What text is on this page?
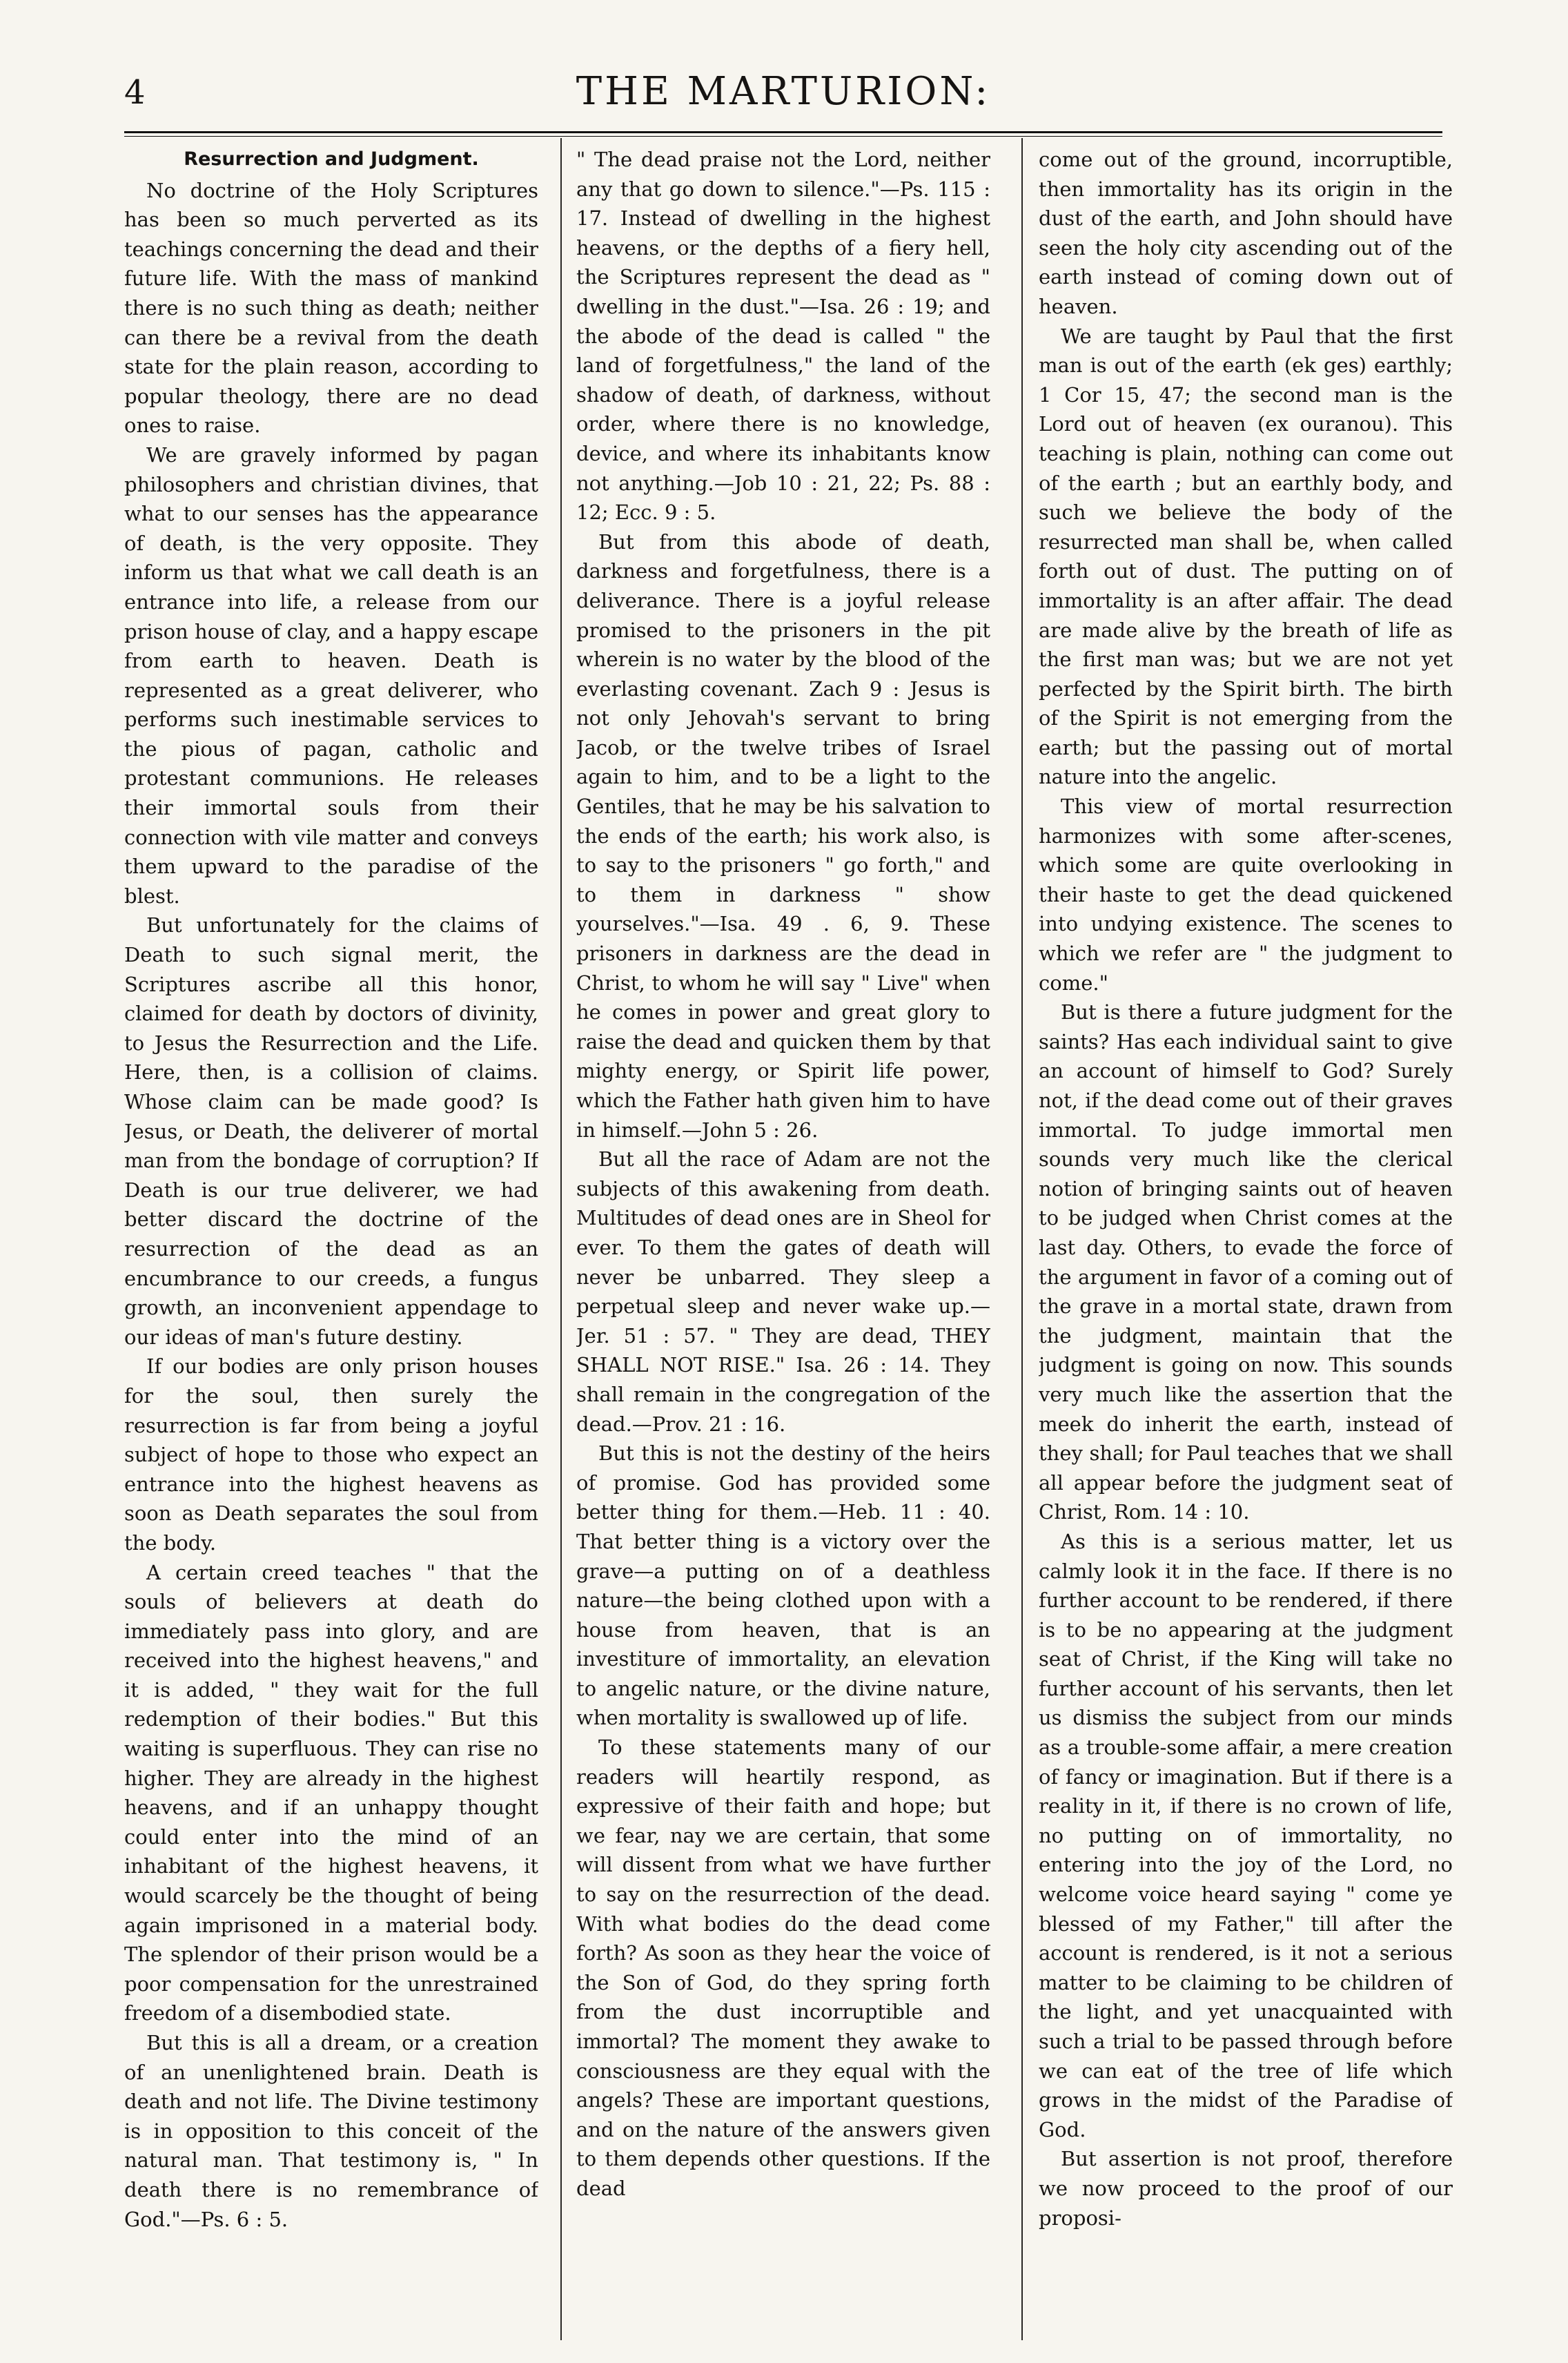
4	THE MARTURION:
Resurrection and Judgment.

No doctrine of the Holy Scriptures has been so much perverted as its teachings concerning the dead and their future life. With the mass of mankind there is no such thing as death; neither can there be a revival from the death state for the plain reason, according to popular theology, there are no dead ones to raise.

We are gravely informed by pagan philosophers and christian divines, that what to our senses has the appearance of death, is the very opposite. They inform us that what we call death is an entrance into life, a release from our prison house of clay, and a happy escape from earth to heaven. Death is represented as a great deliverer, who performs such inestimable services to the pious of pagan, catholic and protestant communions. He releases their immortal souls from their connection with vile matter and conveys them upward to the paradise of the blest.

But unfortunately for the claims of Death to such signal merit, the Scriptures ascribe all this honor, claimed for death by doctors of divinity, to Jesus the Resurrection and the Life. Here, then, is a collision of claims. Whose claim can be made good? Is Jesus, or Death, the deliverer of mortal man from the bondage of corruption? If Death is our true deliverer, we had better discard the doctrine of the resurrection of the dead as an encumbrance to our creeds, a fungus growth, an inconvenient appendage to our ideas of man's future destiny.

If our bodies are only prison houses for the soul, then surely the resurrection is far from being a joyful subject of hope to those who expect an entrance into the highest heavens as soon as Death separates the soul from the body.

A certain creed teaches " that the souls of believers at death do immediately pass into glory, and are received into the highest heavens," and it is added, " they wait for the full redemption of their bodies." But this waiting is superfluous. They can rise no higher. They are already in the highest heavens, and if an unhappy thought could enter into the mind of an inhabitant of the highest heavens, it would scarcely be the thought of being again imprisoned in a material body. The splendor of their prison would be a poor compensation for the unrestrained freedom of a disembodied state.

But this is all a dream, or a creation of an unenlightened brain. Death is death and not life. The Divine testimony is in opposition to this conceit of the natural man. That testimony is, " In death there is no remembrance of God."—Ps. 6 : 5.

" The dead praise not the Lord, neither any that go down to silence."—Ps. 115 : 17. Instead of dwelling in the highest heavens, or the depths of a fiery hell, the Scriptures represent the dead as " dwelling in the dust."—Isa. 26 : 19; and the abode of the dead is called " the land of forgetfulness," the land of the shadow of death, of darkness, without order, where there is no knowledge, device, and where its inhabitants know not anything.—Job 10 : 21, 22; Ps. 88 : 12; Ecc. 9 : 5.

But from this abode of death, darkness and forgetfulness, there is a deliverance. There is a joyful release promised to the prisoners in the pit wherein is no water by the blood of the everlasting covenant. Zach 9 : Jesus is not only Jehovah's servant to bring Jacob, or the twelve tribes of Israel again to him, and to be a light to the Gentiles, that he may be his salvation to the ends of the earth; his work also, is to say to the prisoners " go forth," and to them in darkness " show yourselves."—Isa. 49 . 6, 9. These prisoners in darkness are the dead in Christ, to whom he will say " Live" when he comes in power and great glory to raise the dead and quicken them by that mighty energy, or Spirit life power, which the Father hath given him to have in himself.—John 5 : 26.

But all the race of Adam are not the subjects of this awakening from death. Multitudes of dead ones are in Sheol for ever. To them the gates of death will never be unbarred. They sleep a perpetual sleep and never wake up.—Jer. 51 : 57. " They are dead, THEY SHALL NOT RISE." Isa. 26 : 14. They shall remain in the congregation of the dead.—Prov. 21 : 16.

But this is not the destiny of the heirs of promise. God has provided some better thing for them.—Heb. 11 : 40. That better thing is a victory over the grave—a putting on of a deathless nature—the being clothed upon with a house from heaven, that is an investiture of immortality, an elevation to angelic nature, or the divine nature, when mortality is swallowed up of life.

To these statements many of our readers will heartily respond, as expressive of their faith and hope; but we fear, nay we are certain, that some will dissent from what we have further to say on the resurrection of the dead. With what bodies do the dead come forth? As soon as they hear the voice of the Son of God, do they spring forth from the dust incorruptible and immortal? The moment they awake to consciousness are they equal with the angels? These are important questions, and on the nature of the answers given to them depends other questions. If the dead

come out of the ground, incorruptible, then immortality has its origin in the dust of the earth, and John should have seen the holy city ascending out of the earth instead of coming down out of heaven.

We are taught by Paul that the first man is out of the earth (ek ges) earthly; 1 Cor 15, 47; the second man is the Lord out of heaven (ex ouranou). This teaching is plain, nothing can come out of the earth ; but an earthly body, and such we believe the body of the resurrected man shall be, when called forth out of dust. The putting on of immortality is an after affair. The dead are made alive by the breath of life as the first man was; but we are not yet perfected by the Spirit birth. The birth of the Spirit is not emerging from the earth; but the passing out of mortal nature into the angelic.

This view of mortal resurrection harmonizes with some after-scenes, which some are quite overlooking in their haste to get the dead quickened into undying existence. The scenes to which we refer are " the judgment to come."

But is there a future judgment for the saints? Has each individual saint to give an account of himself to God? Surely not, if the dead come out of their graves immortal. To judge immortal men sounds very much like the clerical notion of bringing saints out of heaven to be judged when Christ comes at the last day. Others, to evade the force of the argument in favor of a coming out of the grave in a mortal state, drawn from the judgment, maintain that the judgment is going on now. This sounds very much like the assertion that the meek do inherit the earth, instead of they shall; for Paul teaches that we shall all appear before the judgment seat of Christ, Rom. 14 : 10.

As this is a serious matter, let us calmly look it in the face. If there is no further account to be rendered, if there is to be no appearing at the judgment seat of Christ, if the King will take no further account of his servants, then let us dismiss the subject from our minds as a trouble-some affair, a mere creation of fancy or imagination. But if there is a reality in it, if there is no crown of life, no putting on of immortality, no entering into the joy of the Lord, no welcome voice heard saying " come ye blessed of my Father," till after the account is rendered, is it not a serious matter to be claiming to be children of the light, and yet unacquainted with such a trial to be passed through before we can eat of the tree of life which grows in the midst of the Paradise of God.

But assertion is not proof, therefore we now proceed to the proof of our proposi-
